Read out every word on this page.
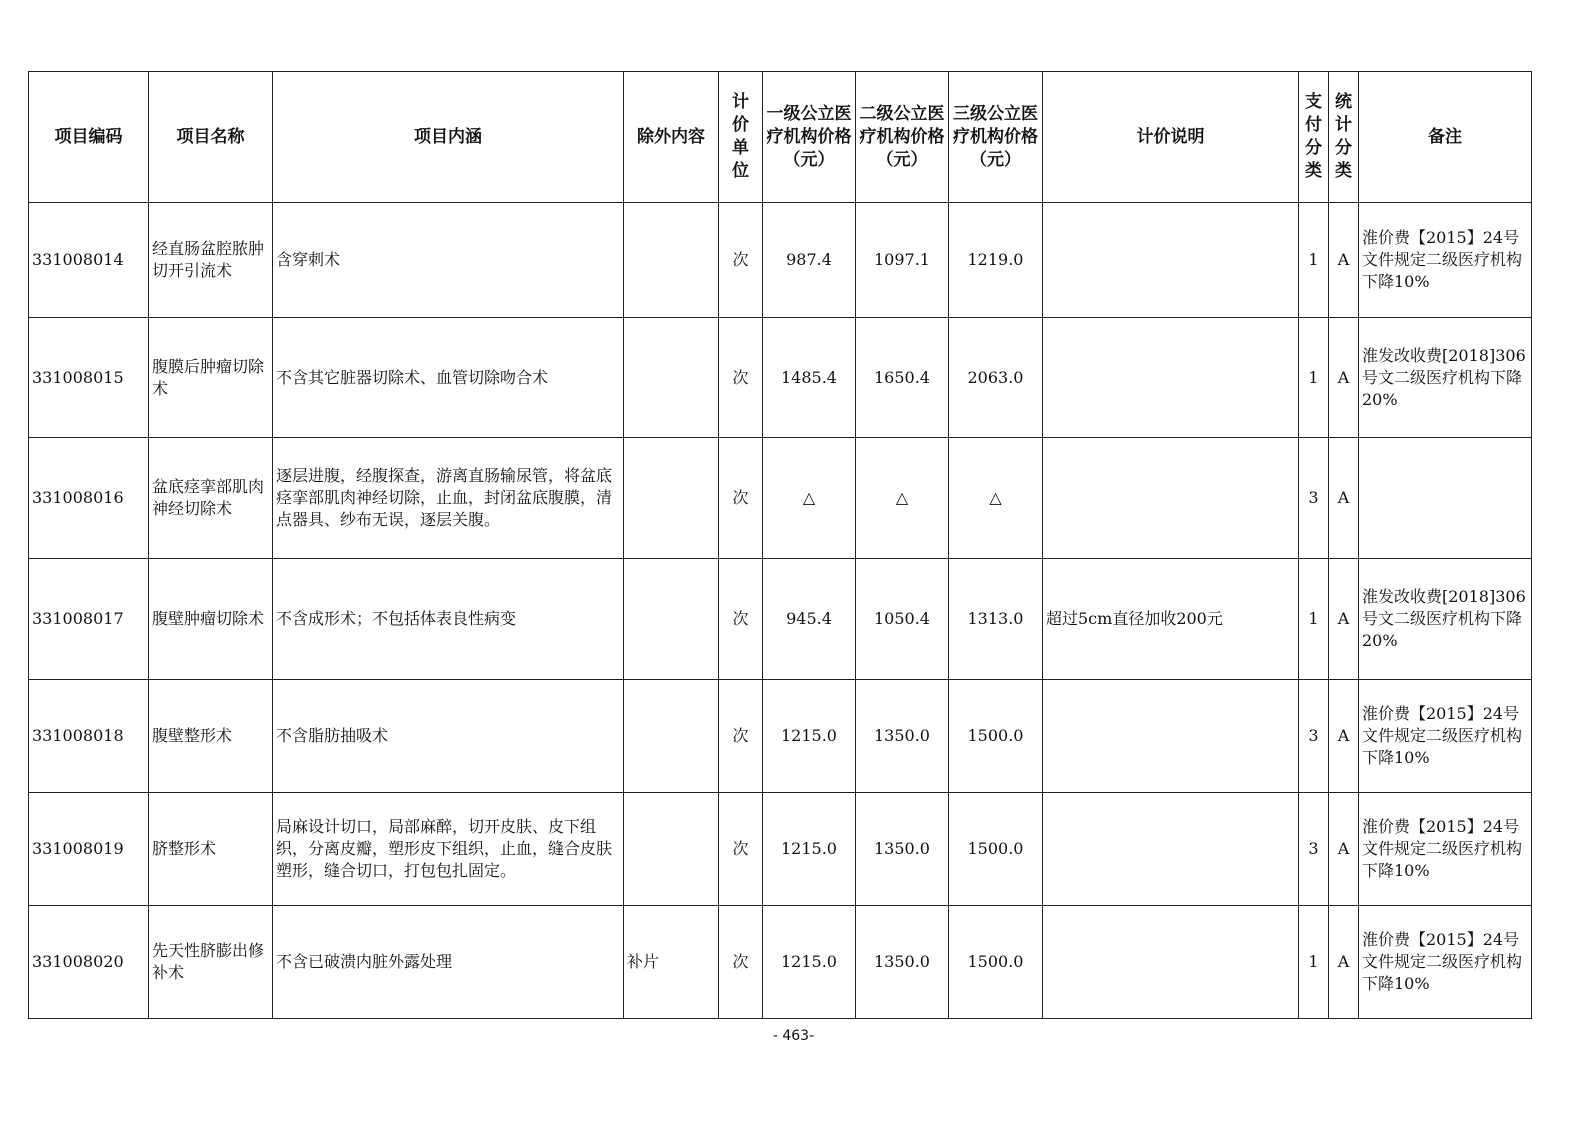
项目编码	项目名称	项目内涵	除外内容	计价单位	一级公立医疗机构价格（元）	二级公立医疗机构价格（元）	三级公立医疗机构价格（元）	计价说明	支付分类	统计分类	备注
331008014	经直肠盆腔脓肿切开引流术	含穿刺术		次	987.4	1097.1	1219.0		1	A	淮价费【2015】24号文件规定二级医疗机构下降10%
331008015	腹膜后肿瘤切除术	不含其它脏器切除术、血管切除吻合术		次	1485.4	1650.4	2063.0		1	A	淮发改收费[2018]306号文二级医疗机构下降20%
331008016	盆底痉挛部肌肉神经切除术	逐层进腹，经腹探查，游离直肠输尿管，将盆底痉挛部肌肉神经切除，止血，封闭盆底腹膜，清点器具、纱布无误，逐层关腹。		次	△	△	△		3	A	
331008017	腹壁肿瘤切除术	不含成形术；不包括体表良性病变		次	945.4	1050.4	1313.0	超过5cm直径加收200元	1	A	淮发改收费[2018]306号文二级医疗机构下降20%
331008018	腹壁整形术	不含脂肪抽吸术		次	1215.0	1350.0	1500.0		3	A	淮价费【2015】24号文件规定二级医疗机构下降10%
331008019	脐整形术	局麻设计切口，局部麻醉，切开皮肤、皮下组织，分离皮瓣，塑形皮下组织，止血，缝合皮肤塑形，缝合切口，打包包扎固定。		次	1215.0	1350.0	1500.0		3	A	淮价费【2015】24号文件规定二级医疗机构下降10%
331008020	先天性脐膨出修补术	不含已破溃内脏外露处理	补片	次	1215.0	1350.0	1500.0		1	A	淮价费【2015】24号文件规定二级医疗机构下降10%
- 463-
